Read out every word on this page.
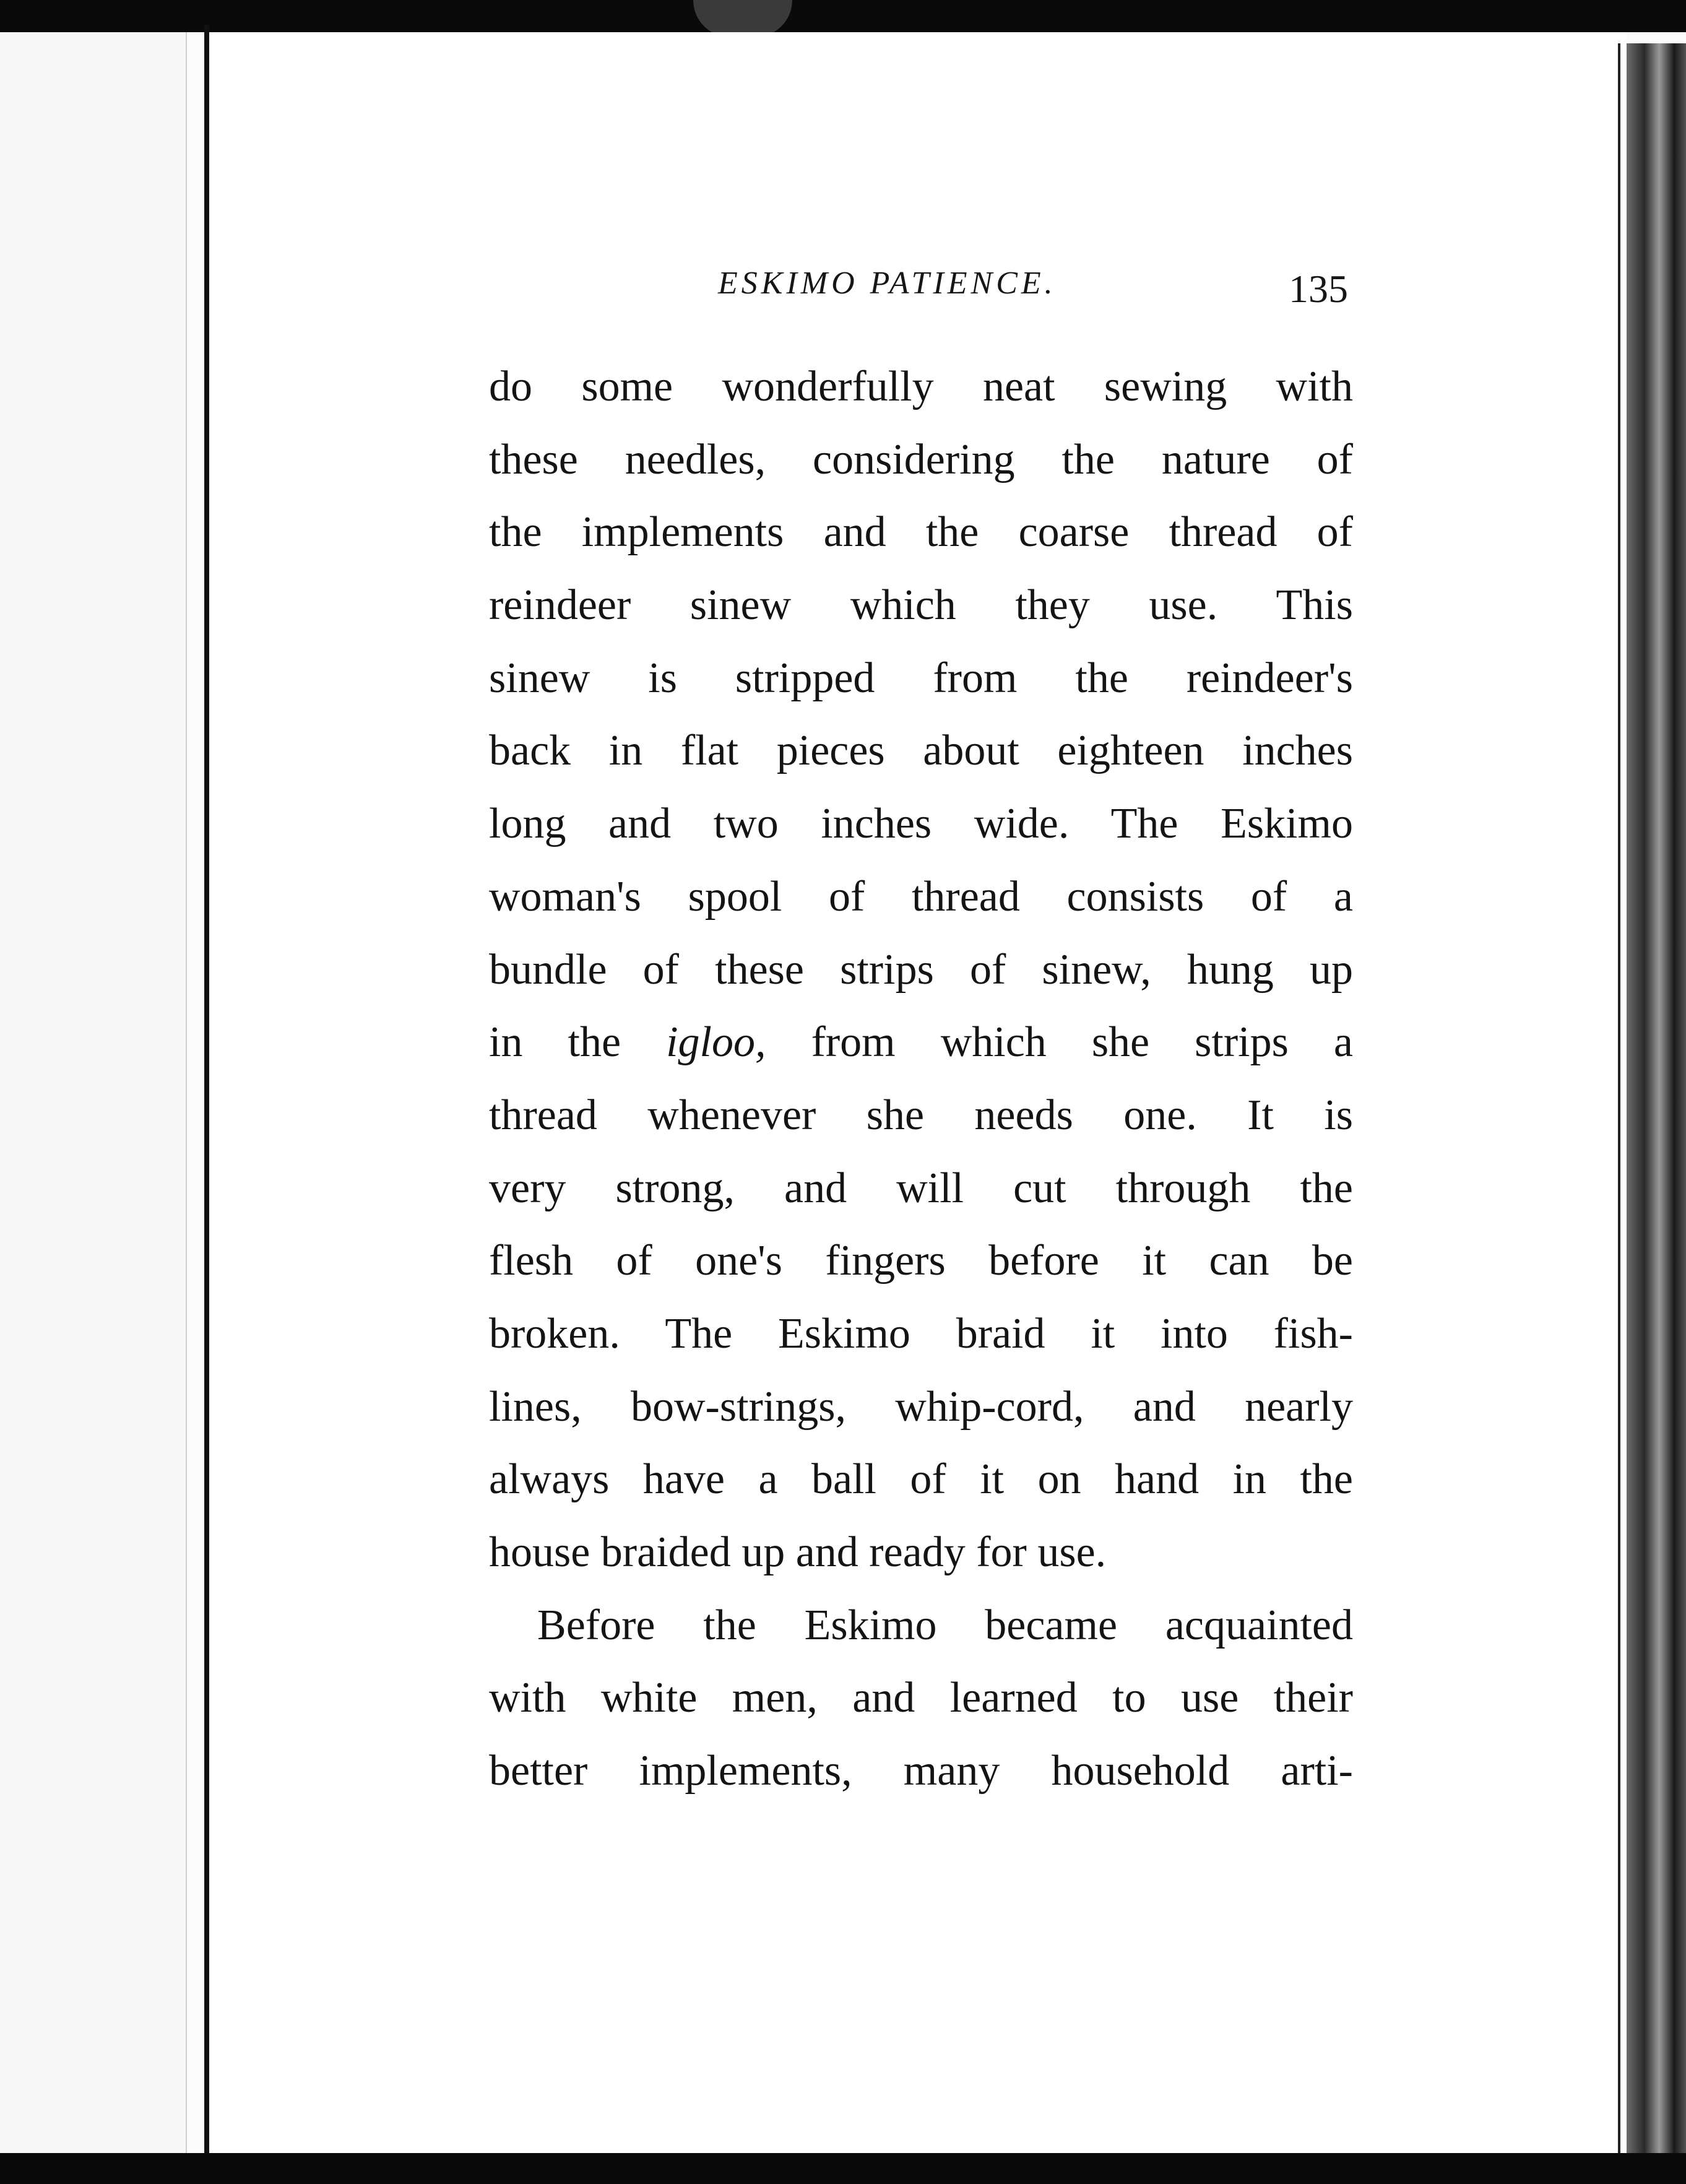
ESKIMO PATIENCE.	135
do some wonderfully neat sewing with
these needles, considering the nature of
the implements and the coarse thread of
reindeer sinew which they use. This
sinew is stripped from the reindeer's
back in flat pieces about eighteen inches
long and two inches wide. The Eskimo
woman's spool of thread consists of a
bundle of these strips of sinew, hung up
in the igloo, from which she strips a
thread whenever she needs one. It is
very strong, and will cut through the
flesh of one's fingers before it can be
broken. The Eskimo braid it into fish-
lines, bow-strings, whip-cord, and nearly
always have a ball of it on hand in the
house braided up and ready for use.
Before the Eskimo became acquainted
with white men, and learned to use their
better implements, many household arti-
